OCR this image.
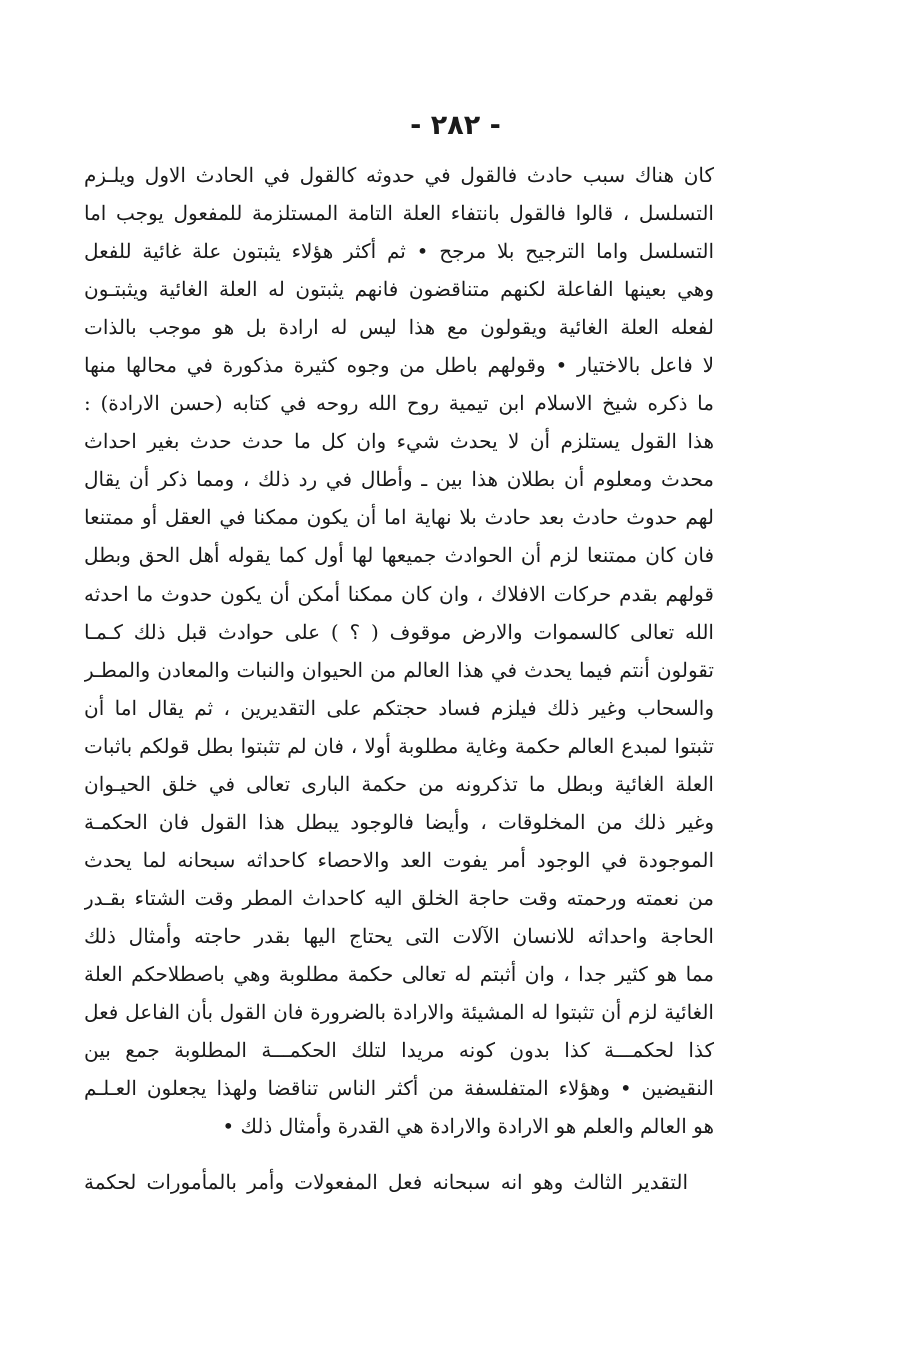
- ٢٨٢ -
كان هناك سبب حادث فالقول في حدوثه كالقول في الحادث الاول ويلـزم
التسلسل ، قالوا فالقول بانتفاء العلة التامة المستلزمة للمفعول يوجب اما
التسلسل واما الترجيح بلا مرجح • ثم أكثر هؤلاء يثبتون علة غائية للفعل
وهي بعينها الفاعلة لكنهم متناقضون فانهم يثبتون له العلة الغائية ويثبتـون
لفعله العلة الغائية ويقولون مع هذا ليس له ارادة بل هو موجب بالذات
لا فاعل بالاختيار • وقولهم باطل من وجوه كثيرة مذكورة في محالها منها
ما ذكره شيخ الاسلام ابن تيمية روح الله روحه في كتابه (حسن الارادة) :
هذا القول يستلزم أن لا يحدث شيء وان كل ما حدث حدث بغير احداث
محدث ومعلوم أن بطلان هذا بين ـ وأطال في رد ذلك ، ومما ذكر أن يقال
لهم حدوث حادث بعد حادث بلا نهاية اما أن يكون ممكنا في العقل أو ممتنعا
فان كان ممتنعا لزم أن الحوادث جميعها لها أول كما يقوله أهل الحق وبطل
قولهم بقدم حركات الافلاك ، وان كان ممكنا أمكن أن يكون حدوث ما احدثه
الله تعالى كالسموات والارض موقوف ( ؟ ) على حوادث قبل ذلك كـمـا
تقولون أنتم فيما يحدث في هذا العالم من الحيوان والنبات والمعادن والمطـر
والسحاب وغير ذلك فيلزم فساد حجتكم على التقديرين ، ثم يقال اما أن
تثبتوا لمبدع العالم حكمة وغاية مطلوبة أولا ، فان لم تثبتوا بطل قولكم باثبات
العلة الغائية وبطل ما تذكرونه من حكمة البارى تعالى في خلق الحيـوان
وغير ذلك من المخلوقات ، وأيضا فالوجود يبطل هذا القول فان الحكمـة
الموجودة في الوجود أمر يفوت العد والاحصاء كاحداثه سبحانه لما يحدث
من نعمته ورحمته وقت حاجة الخلق اليه كاحداث المطر وقت الشتاء بقـدر
الحاجة واحداثه للانسان الآلات التى يحتاج اليها بقدر حاجته وأمثال ذلك
مما هو كثير جدا ، وان أثبتم له تعالى حكمة مطلوبة وهي باصطلاحكم العلة
الغائية لزم أن تثبتوا له المشيئة والارادة بالضرورة فان القول بأن الفاعل فعل
كذا لحكمـــة كذا بدون كونه مريدا لتلك الحكمـــة المطلوبة جمع بين
النقيضين • وهؤلاء المتفلسفة من أكثر الناس تناقضا ولهذا يجعلون العـلـم
هو العالم والعلم هو الارادة والارادة هي القدرة وأمثال ذلك •
التقدير الثالث وهو انه سبحانه فعل المفعولات وأمر بالمأمورات لحكمة
